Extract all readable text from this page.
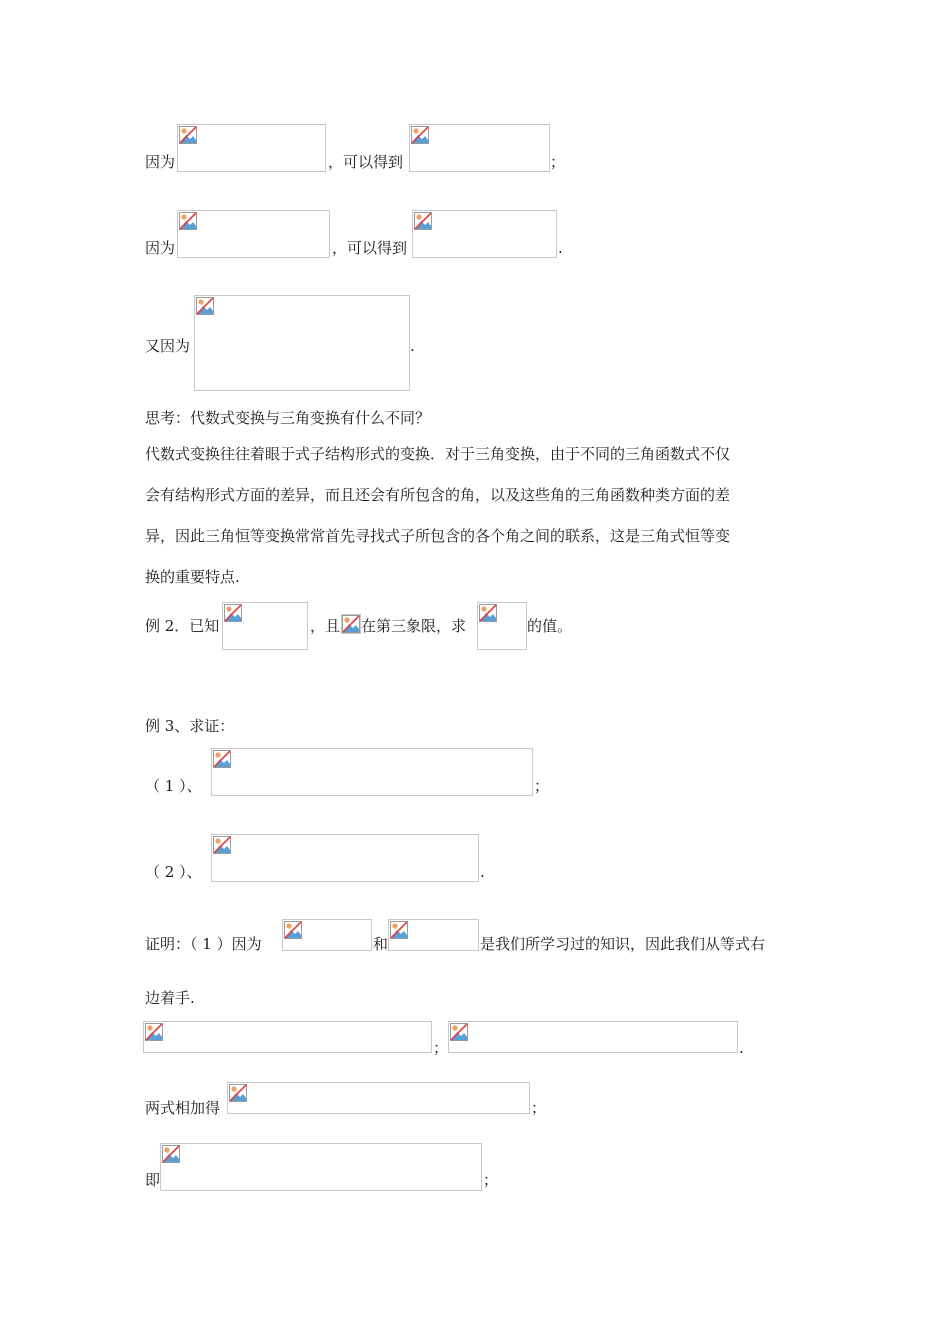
因为	，可以得到	；
因为	，可以得到	.
又因为	.
思考：代数式变换与三角变换有什么不同？
代数式变换往往着眼于式子结构形式的变换．对于三角变换，由于不同的三角函数式不仅
会有结构形式方面的差异，而且还会有所包含的角，以及这些角的三角函数种类方面的差
异，因此三角恒等变换常常首先寻找式子所包含的各个角之间的联系，这是三角式恒等变
换的重要特点.
例 2．已知	，且 在第三象限，求	的值。
例 3、求证：
（ 1 ）、	；
（ 2 ）、	.
证明：（ 1 ）因为	和	是我们所学习过的知识，因此我们从等式右
边着手.
；	.
两式相加得	；
即	；
